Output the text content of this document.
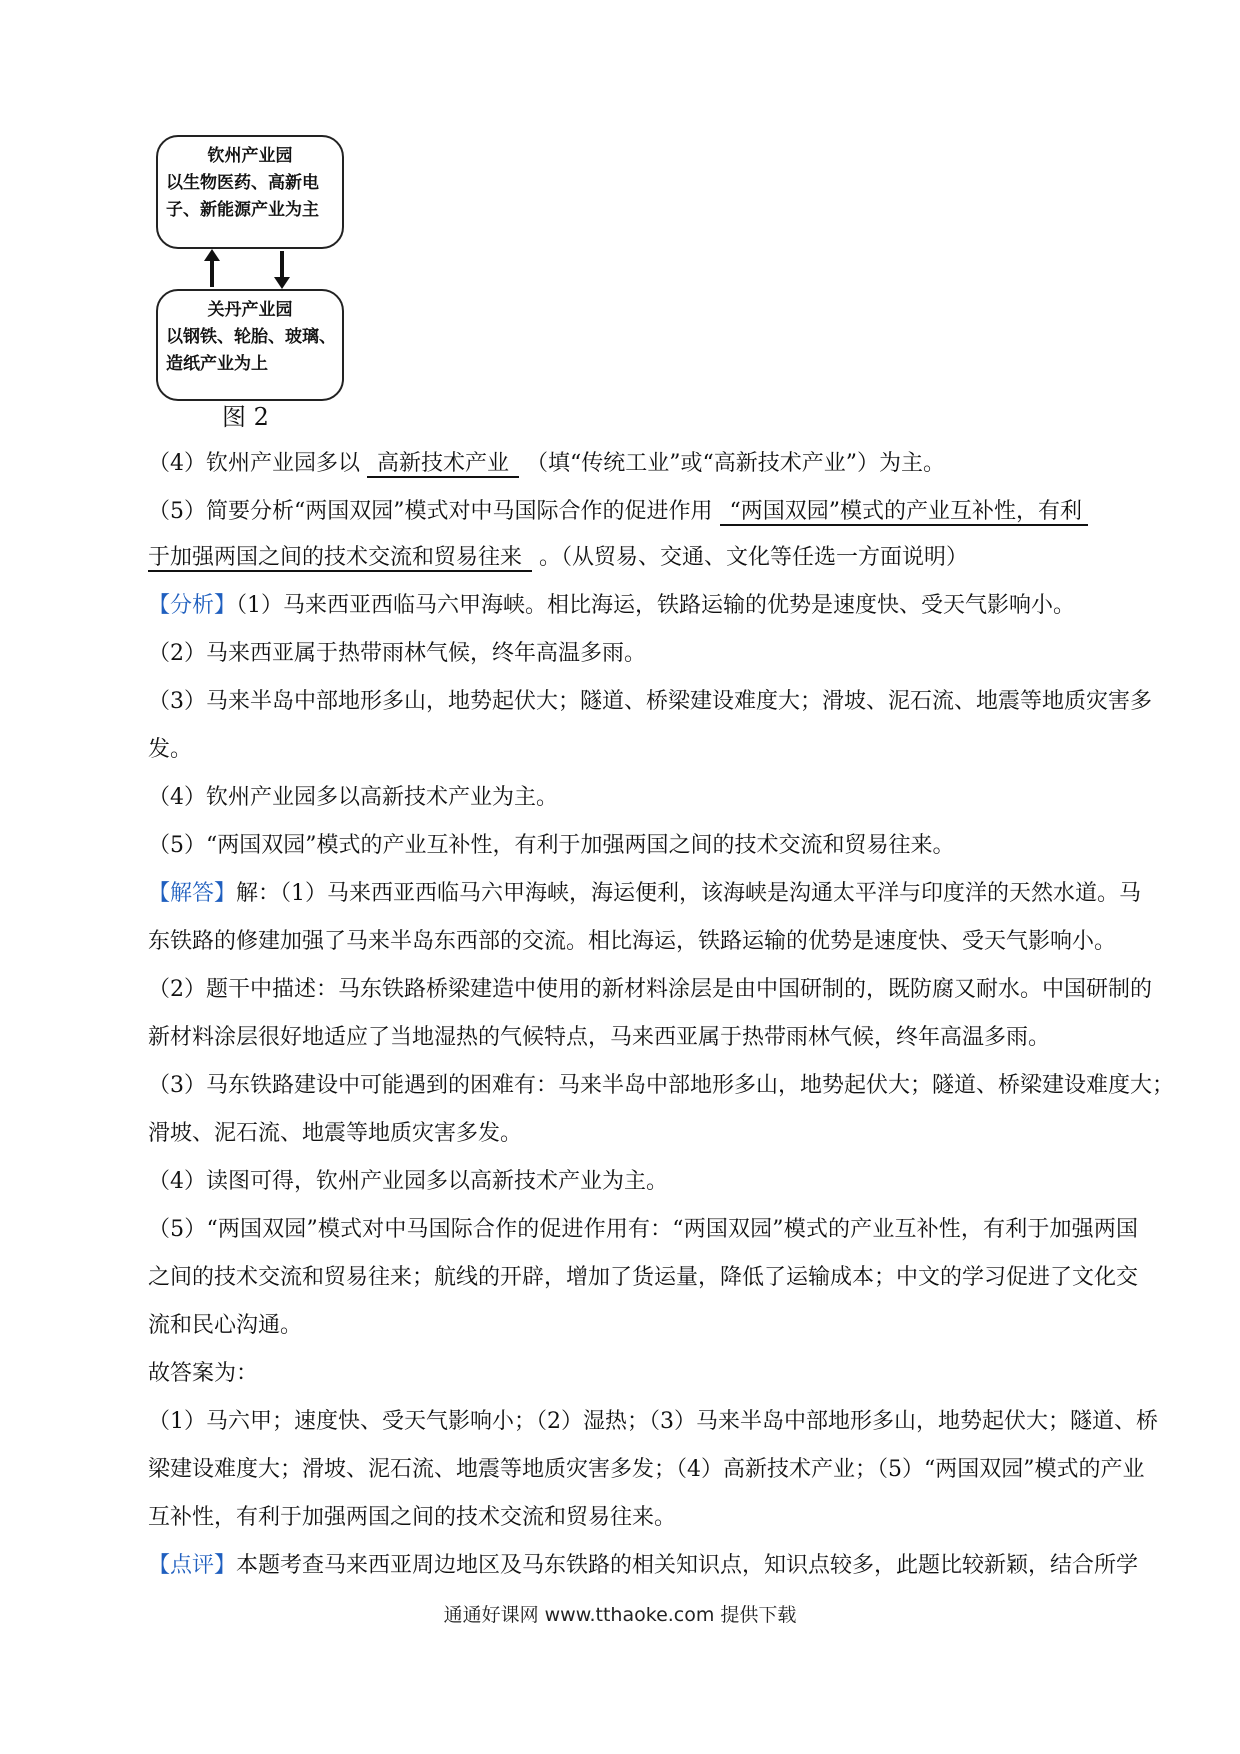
钦州产业园
以生物医药、高新电
子、新能源产业为主
关丹产业园
以钢铁、轮胎、玻璃、
造纸产业为上
图 2
（4）钦州产业园多以 高新技术产业 （填“传统工业”或“高新技术产业”）为主。
（5）简要分析“两国双园”模式对中马国际合作的促进作用 “两国双园”模式的产业互补性，有利
于加强两国之间的技术交流和贸易往来 。（从贸易、交通、文化等任选一方面说明）
【分析】（1）马来西亚西临马六甲海峡。相比海运，铁路运输的优势是速度快、受天气影响小。
（2）马来西亚属于热带雨林气候，终年高温多雨。
（3）马来半岛中部地形多山，地势起伏大；隧道、桥梁建设难度大；滑坡、泥石流、地震等地质灾害多
发。
（4）钦州产业园多以高新技术产业为主。
（5）“两国双园”模式的产业互补性，有利于加强两国之间的技术交流和贸易往来。
【解答】解：（1）马来西亚西临马六甲海峡，海运便利，该海峡是沟通太平洋与印度洋的天然水道。马
东铁路的修建加强了马来半岛东西部的交流。相比海运，铁路运输的优势是速度快、受天气影响小。
（2）题干中描述：马东铁路桥梁建造中使用的新材料涂层是由中国研制的，既防腐又耐水。中国研制的
新材料涂层很好地适应了当地湿热的气候特点，马来西亚属于热带雨林气候，终年高温多雨。
（3）马东铁路建设中可能遇到的困难有：马来半岛中部地形多山，地势起伏大；隧道、桥梁建设难度大；
滑坡、泥石流、地震等地质灾害多发。
（4）读图可得，钦州产业园多以高新技术产业为主。
（5）“两国双园”模式对中马国际合作的促进作用有：“两国双园”模式的产业互补性，有利于加强两国
之间的技术交流和贸易往来；航线的开辟，增加了货运量，降低了运输成本；中文的学习促进了文化交
流和民心沟通。
故答案为：
（1）马六甲；速度快、受天气影响小；（2）湿热；（3）马来半岛中部地形多山，地势起伏大；隧道、桥
梁建设难度大；滑坡、泥石流、地震等地质灾害多发；（4）高新技术产业；（5）“两国双园”模式的产业
互补性，有利于加强两国之间的技术交流和贸易往来。
【点评】本题考查马来西亚周边地区及马东铁路的相关知识点，知识点较多，此题比较新颖，结合所学
通通好课网 www.tthaoke.com 提供下载
